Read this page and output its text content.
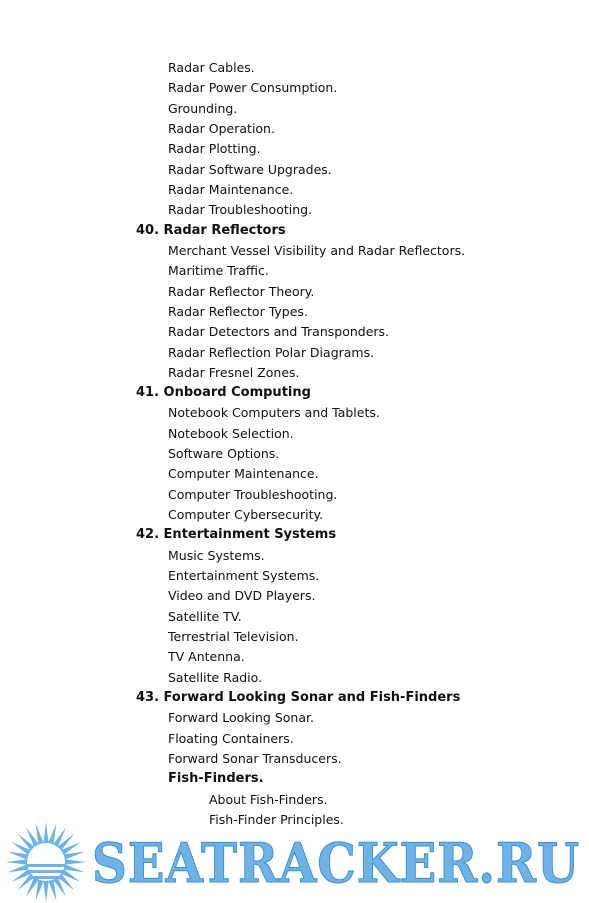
Radar Cables.
Radar Power Consumption.
Grounding.
Radar Operation.
Radar Plotting.
Radar Software Upgrades.
Radar Maintenance.
Radar Troubleshooting.
40. Radar Reflectors
Merchant Vessel Visibility and Radar Reflectors.
Maritime Traffic.
Radar Reflector Theory.
Radar Reflector Types.
Radar Detectors and Transponders.
Radar Reflection Polar Diagrams.
Radar Fresnel Zones.
41. Onboard Computing
Notebook Computers and Tablets.
Notebook Selection.
Software Options.
Computer Maintenance.
Computer Troubleshooting.
Computer Cybersecurity.
42. Entertainment Systems
Music Systems.
Entertainment Systems.
Video and DVD Players.
Satellite TV.
Terrestrial Television.
TV Antenna.
Satellite Radio.
43. Forward Looking Sonar and Fish-Finders
Forward Looking Sonar.
Floating Containers.
Forward Sonar Transducers.
Fish-Finders.
About Fish-Finders.
Fish-Finder Principles.
SEATRACKER.RU
